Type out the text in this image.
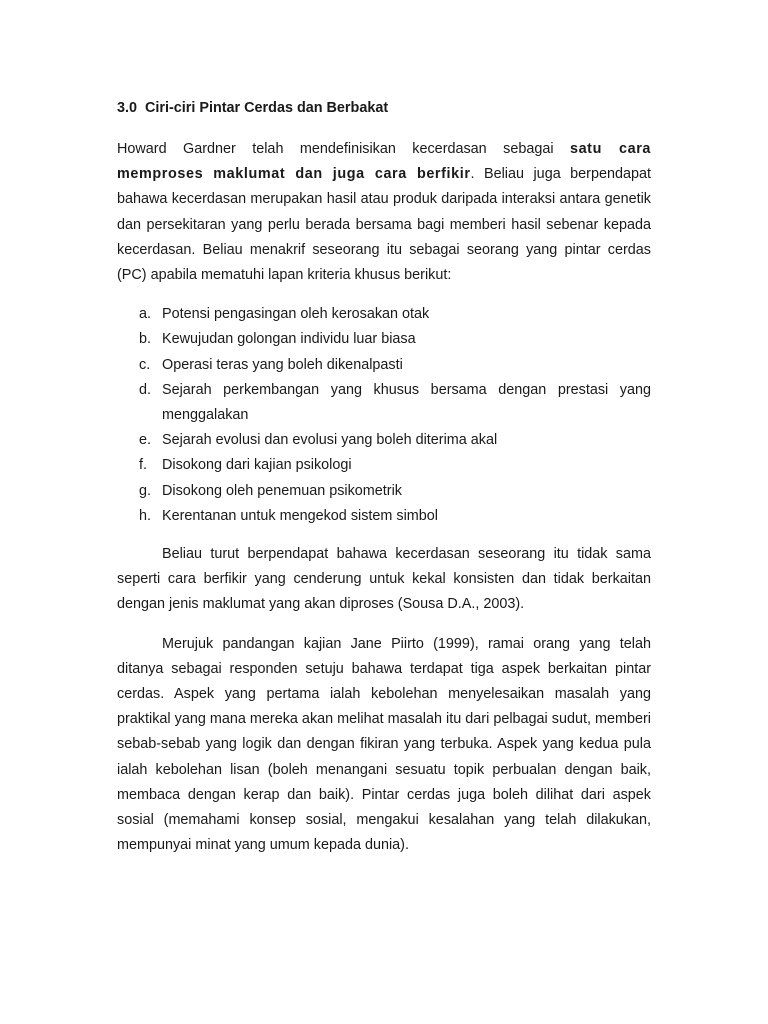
3.0 Ciri-ciri Pintar Cerdas dan Berbakat

Howard Gardner telah mendefinisikan kecerdasan sebagai satu cara memproses maklumat dan juga cara berfikir. Beliau juga berpendapat bahawa kecerdasan merupakan hasil atau produk daripada interaksi antara genetik dan persekitaran yang perlu berada bersama bagi memberi hasil sebenar kepada kecerdasan. Beliau menakrif seseorang itu sebagai seorang yang pintar cerdas (PC) apabila mematuhi lapan kriteria khusus berikut:

a. Potensi pengasingan oleh kerosakan otak
b. Kewujudan golongan individu luar biasa
c. Operasi teras yang boleh dikenalpasti
d. Sejarah perkembangan yang khusus bersama dengan prestasi yang menggalakan
e. Sejarah evolusi dan evolusi yang boleh diterima akal
f. Disokong dari kajian psikologi
g. Disokong oleh penemuan psikometrik
h. Kerentanan untuk mengekod sistem simbol

Beliau turut berpendapat bahawa kecerdasan seseorang itu tidak sama seperti cara berfikir yang cenderung untuk kekal konsisten dan tidak berkaitan dengan jenis maklumat yang akan diproses (Sousa D.A., 2003).

Merujuk pandangan kajian Jane Piirto (1999), ramai orang yang telah ditanya sebagai responden setuju bahawa terdapat tiga aspek berkaitan pintar cerdas. Aspek yang pertama ialah kebolehan menyelesaikan masalah yang praktikal yang mana mereka akan melihat masalah itu dari pelbagai sudut, memberi sebab-sebab yang logik dan dengan fikiran yang terbuka. Aspek yang kedua pula ialah kebolehan lisan (boleh menangani sesuatu topik perbualan dengan baik, membaca dengan kerap dan baik). Pintar cerdas juga boleh dilihat dari aspek sosial (memahami konsep sosial, mengakui kesalahan yang telah dilakukan, mempunyai minat yang umum kepada dunia).
